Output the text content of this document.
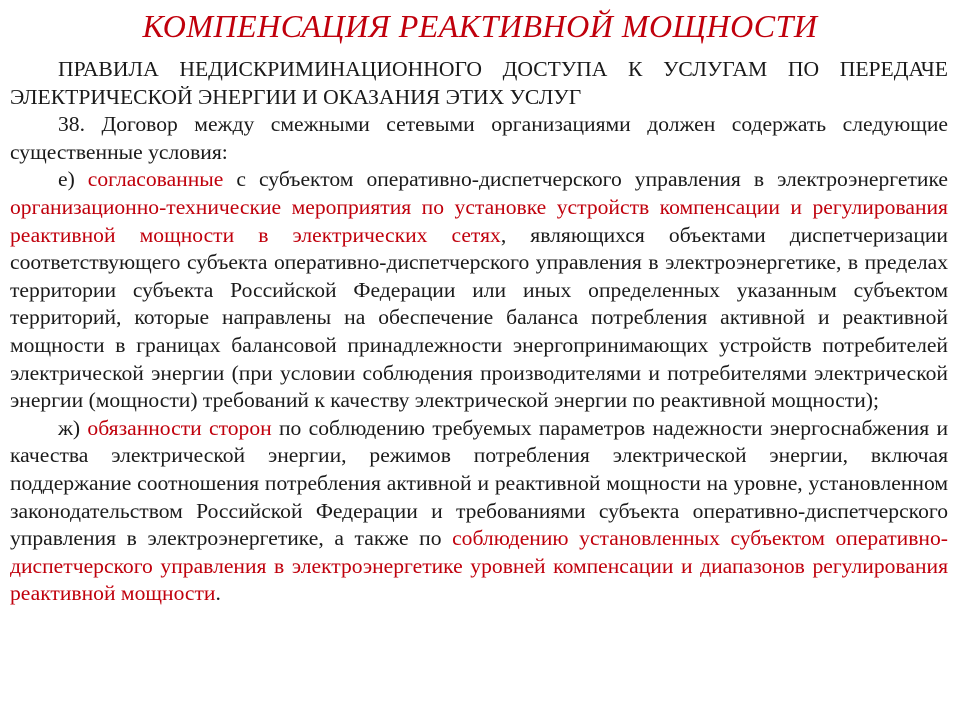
КОМПЕНСАЦИЯ РЕАКТИВНОЙ МОЩНОСТИ

ПРАВИЛА НЕДИСКРИМИНАЦИОННОГО ДОСТУПА К УСЛУГАМ ПО ПЕРЕДАЧЕ ЭЛЕКТРИЧЕСКОЙ ЭНЕРГИИ И ОКАЗАНИЯ ЭТИХ УСЛУГ

38. Договор между смежными сетевыми организациями должен содержать следующие существенные условия:

е) согласованные с субъектом оперативно-диспетчерского управления в электроэнергетике организационно-технические мероприятия по установке устройств компенсации и регулирования реактивной мощности в электрических сетях, являющихся объектами диспетчеризации соответствующего субъекта оперативно-диспетчерского управления в электроэнергетике, в пределах территории субъекта Российской Федерации или иных определенных указанным субъектом территорий, которые направлены на обеспечение баланса потребления активной и реактивной мощности в границах балансовой принадлежности энергопринимающих устройств потребителей электрической энергии (при условии соблюдения производителями и потребителями электрической энергии (мощности) требований к качеству электрической энергии по реактивной мощности);

ж) обязанности сторон по соблюдению требуемых параметров надежности энергоснабжения и качества электрической энергии, режимов потребления электрической энергии, включая поддержание соотношения потребления активной и реактивной мощности на уровне, установленном законодательством Российской Федерации и требованиями субъекта оперативно-диспетчерского управления в электроэнергетике, а также по соблюдению установленных субъектом оперативно-диспетчерского управления в электроэнергетике уровней компенсации и диапазонов регулирования реактивной мощности.
